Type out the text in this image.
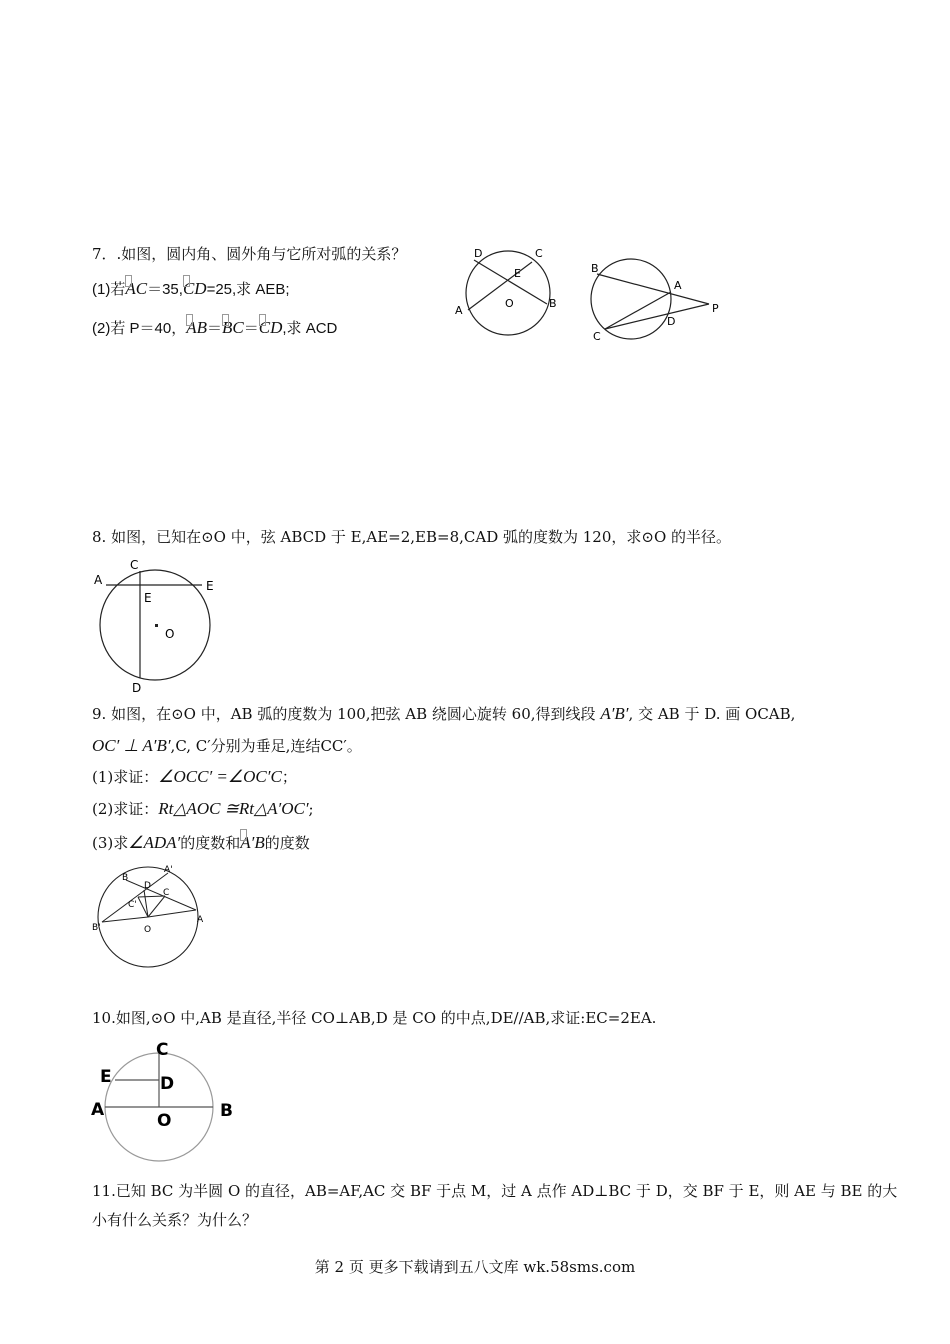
7．.如图，圆内角、圆外角与它所对弧的关系？
(1)若AC＝35,CD=25,求 AEB;
(2)若 P＝40，AB＝BC＝CD,求 ACD
D	C
E
O
A
B
B
A
P
D
C
8. 如图，已知在⊙O 中，弦 ABCD 于 E,AE=2,EB=8,CAD 弧的度数为 120，求⊙O 的半径。
A
C
E
E
O
D
9. 如图，在⊙O 中，AB 弧的度数为 100,把弦 AB 绕圆心旋转 60,得到线段 A′B′, 交 AB 于 D. 画 OCAB,
OC′ ⊥ A′B′,C, C′分别为垂足,连结CC′。
(1)求证：∠OCC′ =∠OC′C；
(2)求证：Rt△AOC ≅Rt△A′OC′;
(3)求∠ADA′的度数和A′B的度数
B
A'
D
C'
C
B'	O
A
10.如图,⊙O 中,AB 是直径,半径 CO⊥AB,D 是 CO 的中点,DE//AB,求证:EC=2EA.
C
E	D
A
O	B
11.已知 BC 为半圆 O 的直径，AB=AF,AC 交 BF 于点 M，过 A 点作 AD⊥BC 于 D，交 BF 于 E，则 AE 与 BE 的大
小有什么关系？为什么？
第 2 页 更多下载请到五八文库 wk.58sms.com
